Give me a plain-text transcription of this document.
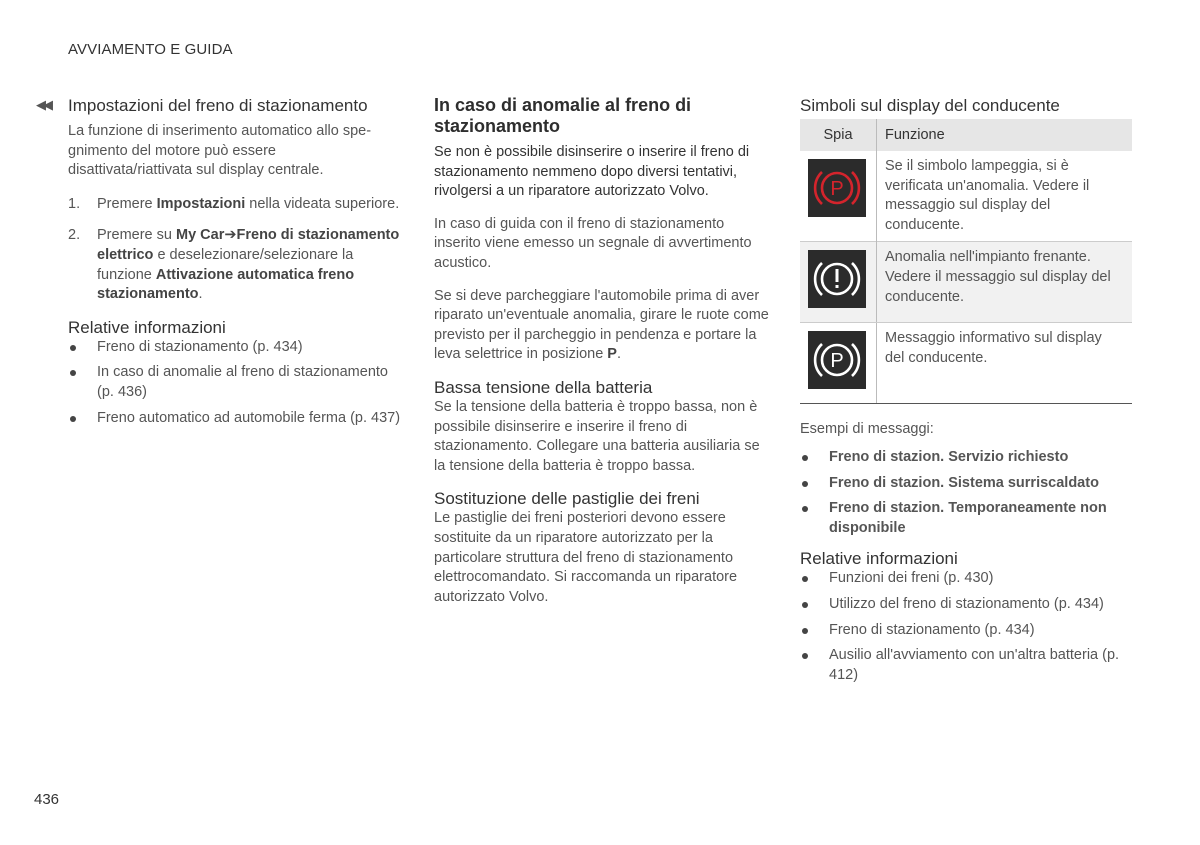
AVVIAMENTO E GUIDA
◀◀ Impostazioni del freno di stazionamento

La funzione di inserimento automatico allo spe-gnimento del motore può essere disattivata/riattivata sul display centrale.

1. Premere Impostazioni nella videata superiore.
2. Premere su My Car➔Freno di stazionamento elettrico e deselezionare/selezionare la funzione Attivazione automatica freno stazionamento.
Relative informazioni
Freno di stazionamento (p. 434)
In caso di anomalie al freno di stazionamento (p. 436)
Freno automatico ad automobile ferma (p. 437)
In caso di anomalie al freno di stazionamento

Se non è possibile disinserire o inserire il freno di stazionamento nemmeno dopo diversi tentativi, rivolgersi a un riparatore autorizzato Volvo.

In caso di guida con il freno di stazionamento inserito viene emesso un segnale di avvertimento acustico.

Se si deve parcheggiare l'automobile prima di aver riparato un'eventuale anomalia, girare le ruote come previsto per il parcheggio in pendenza e portare la leva selettrice in posizione P.

Bassa tensione della batteria

Se la tensione della batteria è troppo bassa, non è possibile disinserire e inserire il freno di stazionamento. Collegare una batteria ausiliaria se la tensione della batteria è troppo bassa.

Sostituzione delle pastiglie dei freni

Le pastiglie dei freni posteriori devono essere sostituite da un riparatore autorizzato per la particolare struttura del freno di stazionamento elettrocomandato. Si raccomanda un riparatore autorizzato Volvo.

Simboli sul display del conducente
Spia	Funzione

P	Se il simbolo lampeggia, si è verificata un'anomalia. Vedere il messaggio sul display del conducente.

	Anomalia nell'impianto frenante. Vedere il messaggio sul display del conducente.

P	Messaggio informativo sul display del conducente.

Esempi di messaggi:

Freno di stazion. Servizio richiesto
Freno di stazion. Sistema surriscaldato
Freno di stazion. Temporaneamente non disponibile
Relative informazioni
Funzioni dei freni (p. 430)
Utilizzo del freno di stazionamento (p. 434)
Freno di stazionamento (p. 434)
Ausilio all'avviamento con un'altra batteria (p. 412)
436
